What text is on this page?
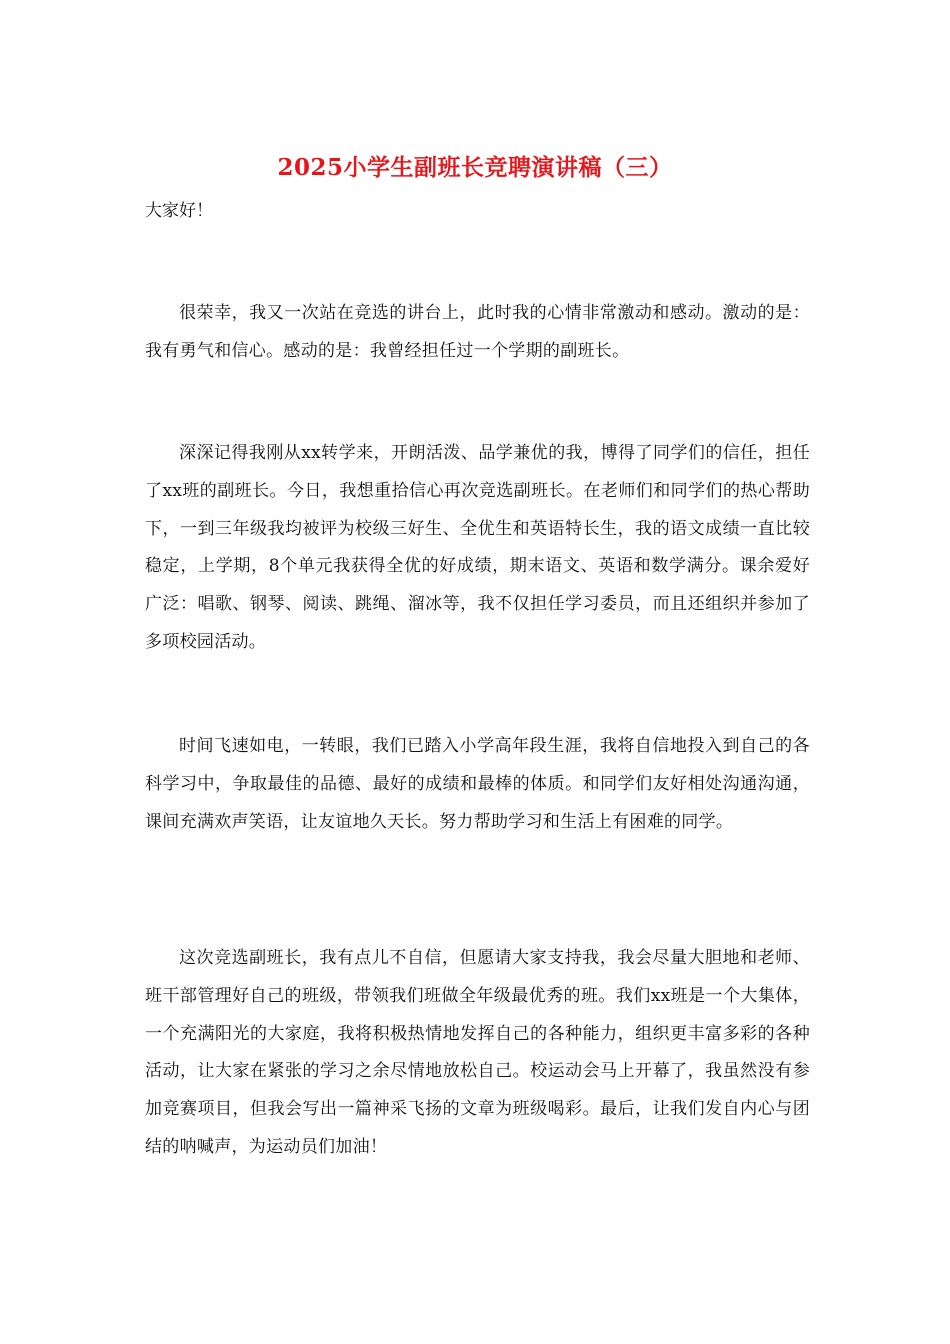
2025小学生副班长竞聘演讲稿（三）
大家好！

很荣幸，我又一次站在竞选的讲台上，此时我的心情非常激动和感动。激动的是：我有勇气和信心。感动的是：我曾经担任过一个学期的副班长。

深深记得我刚从xx转学来，开朗活泼、品学兼优的我，博得了同学们的信任，担任了xx班的副班长。今日，我想重拾信心再次竞选副班长。在老师们和同学们的热心帮助下，一到三年级我均被评为校级三好生、全优生和英语特长生，我的语文成绩一直比较稳定，上学期，8个单元我获得全优的好成绩，期末语文、英语和数学满分。课余爱好广泛：唱歌、钢琴、阅读、跳绳、溜冰等，我不仅担任学习委员，而且还组织并参加了多项校园活动。

时间飞速如电，一转眼，我们已踏入小学高年段生涯，我将自信地投入到自己的各科学习中，争取最佳的品德、最好的成绩和最棒的体质。和同学们友好相处沟通沟通，课间充满欢声笑语，让友谊地久天长。努力帮助学习和生活上有困难的同学。

这次竞选副班长，我有点儿不自信，但愿请大家支持我，我会尽量大胆地和老师、班干部管理好自己的班级，带领我们班做全年级最优秀的班。我们xx班是一个大集体，一个充满阳光的大家庭，我将积极热情地发挥自己的各种能力，组织更丰富多彩的各种活动，让大家在紧张的学习之余尽情地放松自己。校运动会马上开幕了，我虽然没有参加竞赛项目，但我会写出一篇神采飞扬的文章为班级喝彩。最后，让我们发自内心与团结的呐喊声，为运动员们加油！
